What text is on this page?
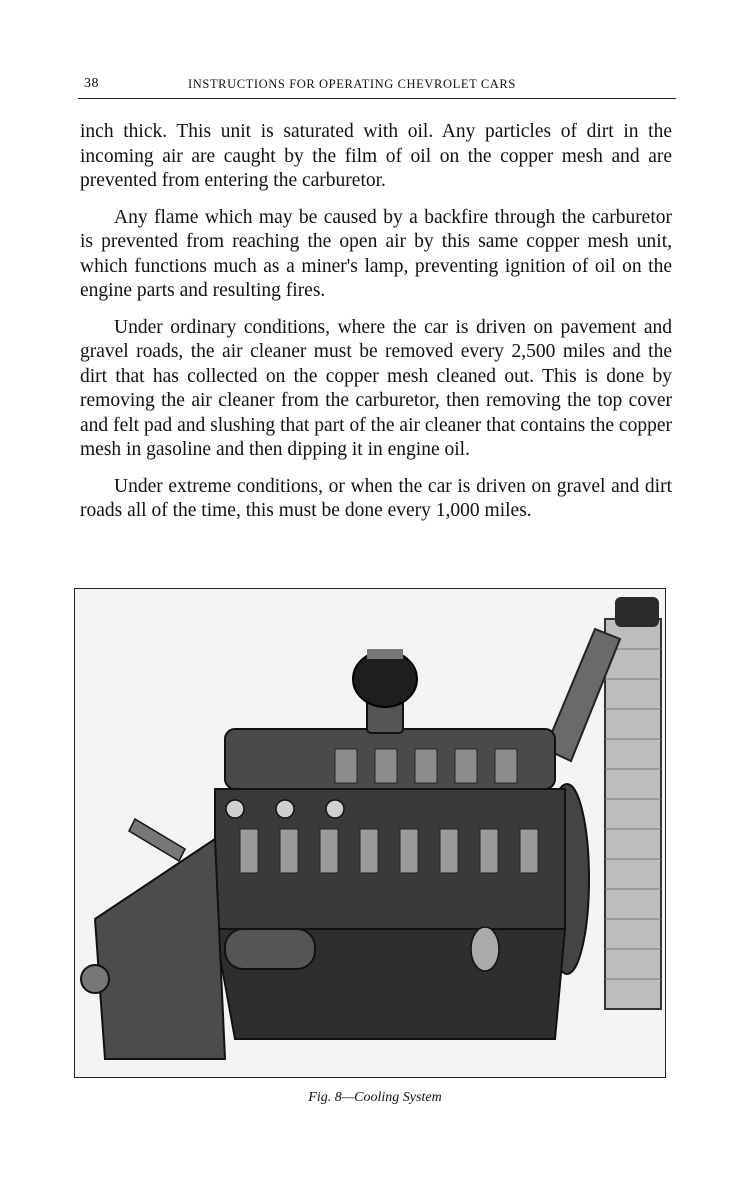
38	INSTRUCTIONS FOR OPERATING CHEVROLET CARS

inch thick. This unit is saturated with oil. Any particles of dirt in the incoming air are caught by the film of oil on the copper mesh and are prevented from entering the carburetor.

Any flame which may be caused by a backfire through the carburetor is prevented from reaching the open air by this same copper mesh unit, which functions much as a miner's lamp, preventing ignition of oil on the engine parts and resulting fires.

Under ordinary conditions, where the car is driven on pavement and gravel roads, the air cleaner must be removed every 2,500 miles and the dirt that has collected on the copper mesh cleaned out. This is done by removing the air cleaner from the carburetor, then removing the top cover and felt pad and slushing that part of the air cleaner that contains the copper mesh in gasoline and then dipping it in engine oil.

Under extreme conditions, or when the car is driven on gravel and dirt roads all of the time, this must be done every 1,000 miles.

Fig. 8—Cooling System
